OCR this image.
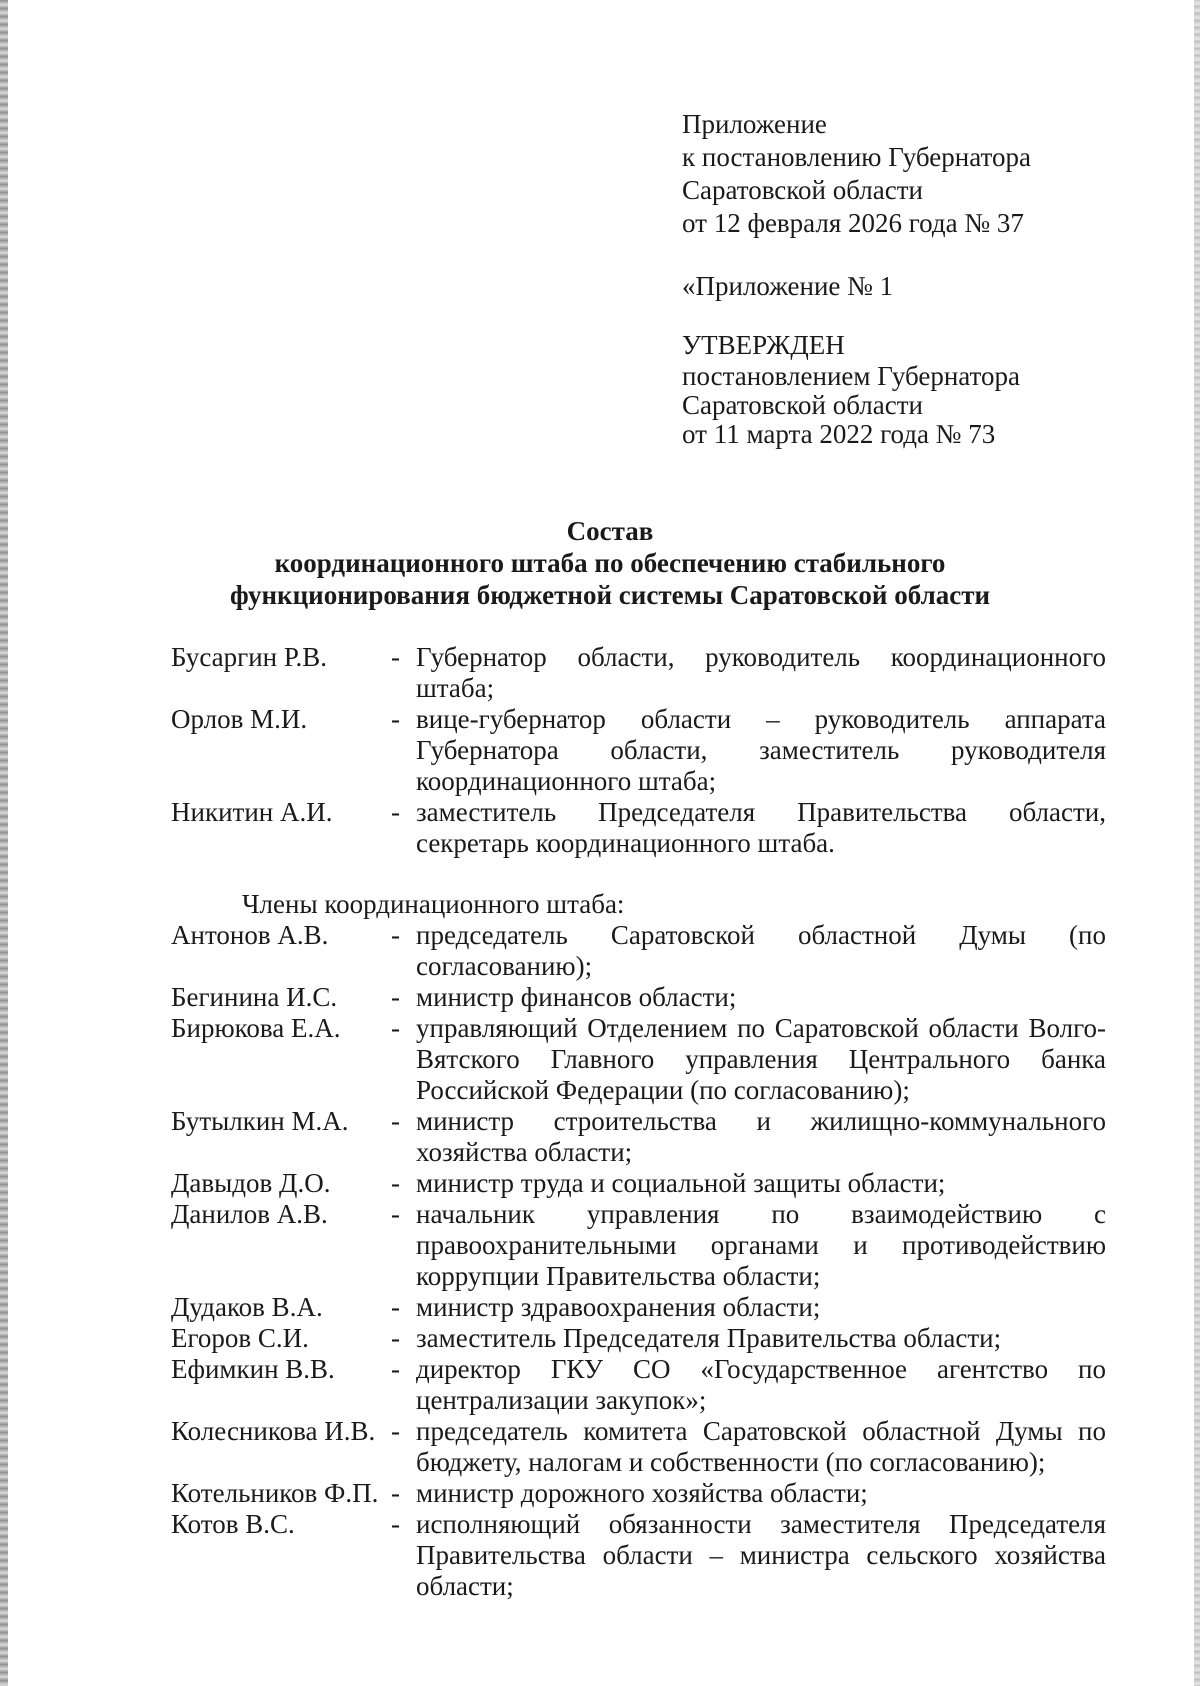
Приложение
к постановлению Губернатора
Саратовской области
от 12 февраля 2026 года № 37
«Приложение № 1
УТВЕРЖДЕН
постановлением Губернатора
Саратовской области
от 11 марта 2022 года № 73
Состав
координационного штаба по обеспечению стабильного
функционирования бюджетной системы Саратовской области
Бусаргин Р.В.	- Губернатор области, руководитель координационного штаба;
Орлов М.И.	- вице-губернатор области – руководитель аппарата Губернатора области, заместитель руководителя координационного штаба;
Никитин А.И.	- заместитель Председателя Правительства области, секретарь координационного штаба.
Члены координационного штаба:
Антонов А.В.	- председатель Саратовской областной Думы (по согласованию);
Бегинина И.С.	- министр финансов области;
Бирюкова Е.А.	- управляющий Отделением по Саратовской области Волго-Вятского Главного управления Центрального банка Российской Федерации (по согласованию);
Бутылкин М.А.	- министр строительства и жилищно-коммунального хозяйства области;
Давыдов Д.О.	- министр труда и социальной защиты области;
Данилов А.В.	- начальник управления по взаимодействию с правоохранительными органами и противодействию коррупции Правительства области;
Дудаков В.А.	- министр здравоохранения области;
Егоров С.И.	- заместитель Председателя Правительства области;
Ефимкин В.В.	- директор ГКУ СО «Государственное агентство по централизации закупок»;
Колесникова И.В. - председатель комитета Саратовской областной Думы по бюджету, налогам и собственности (по согласованию);
Котельников Ф.П. - министр дорожного хозяйства области;
Котов В.С.	- исполняющий обязанности заместителя Председателя Правительства области – министра сельского хозяйства области;
